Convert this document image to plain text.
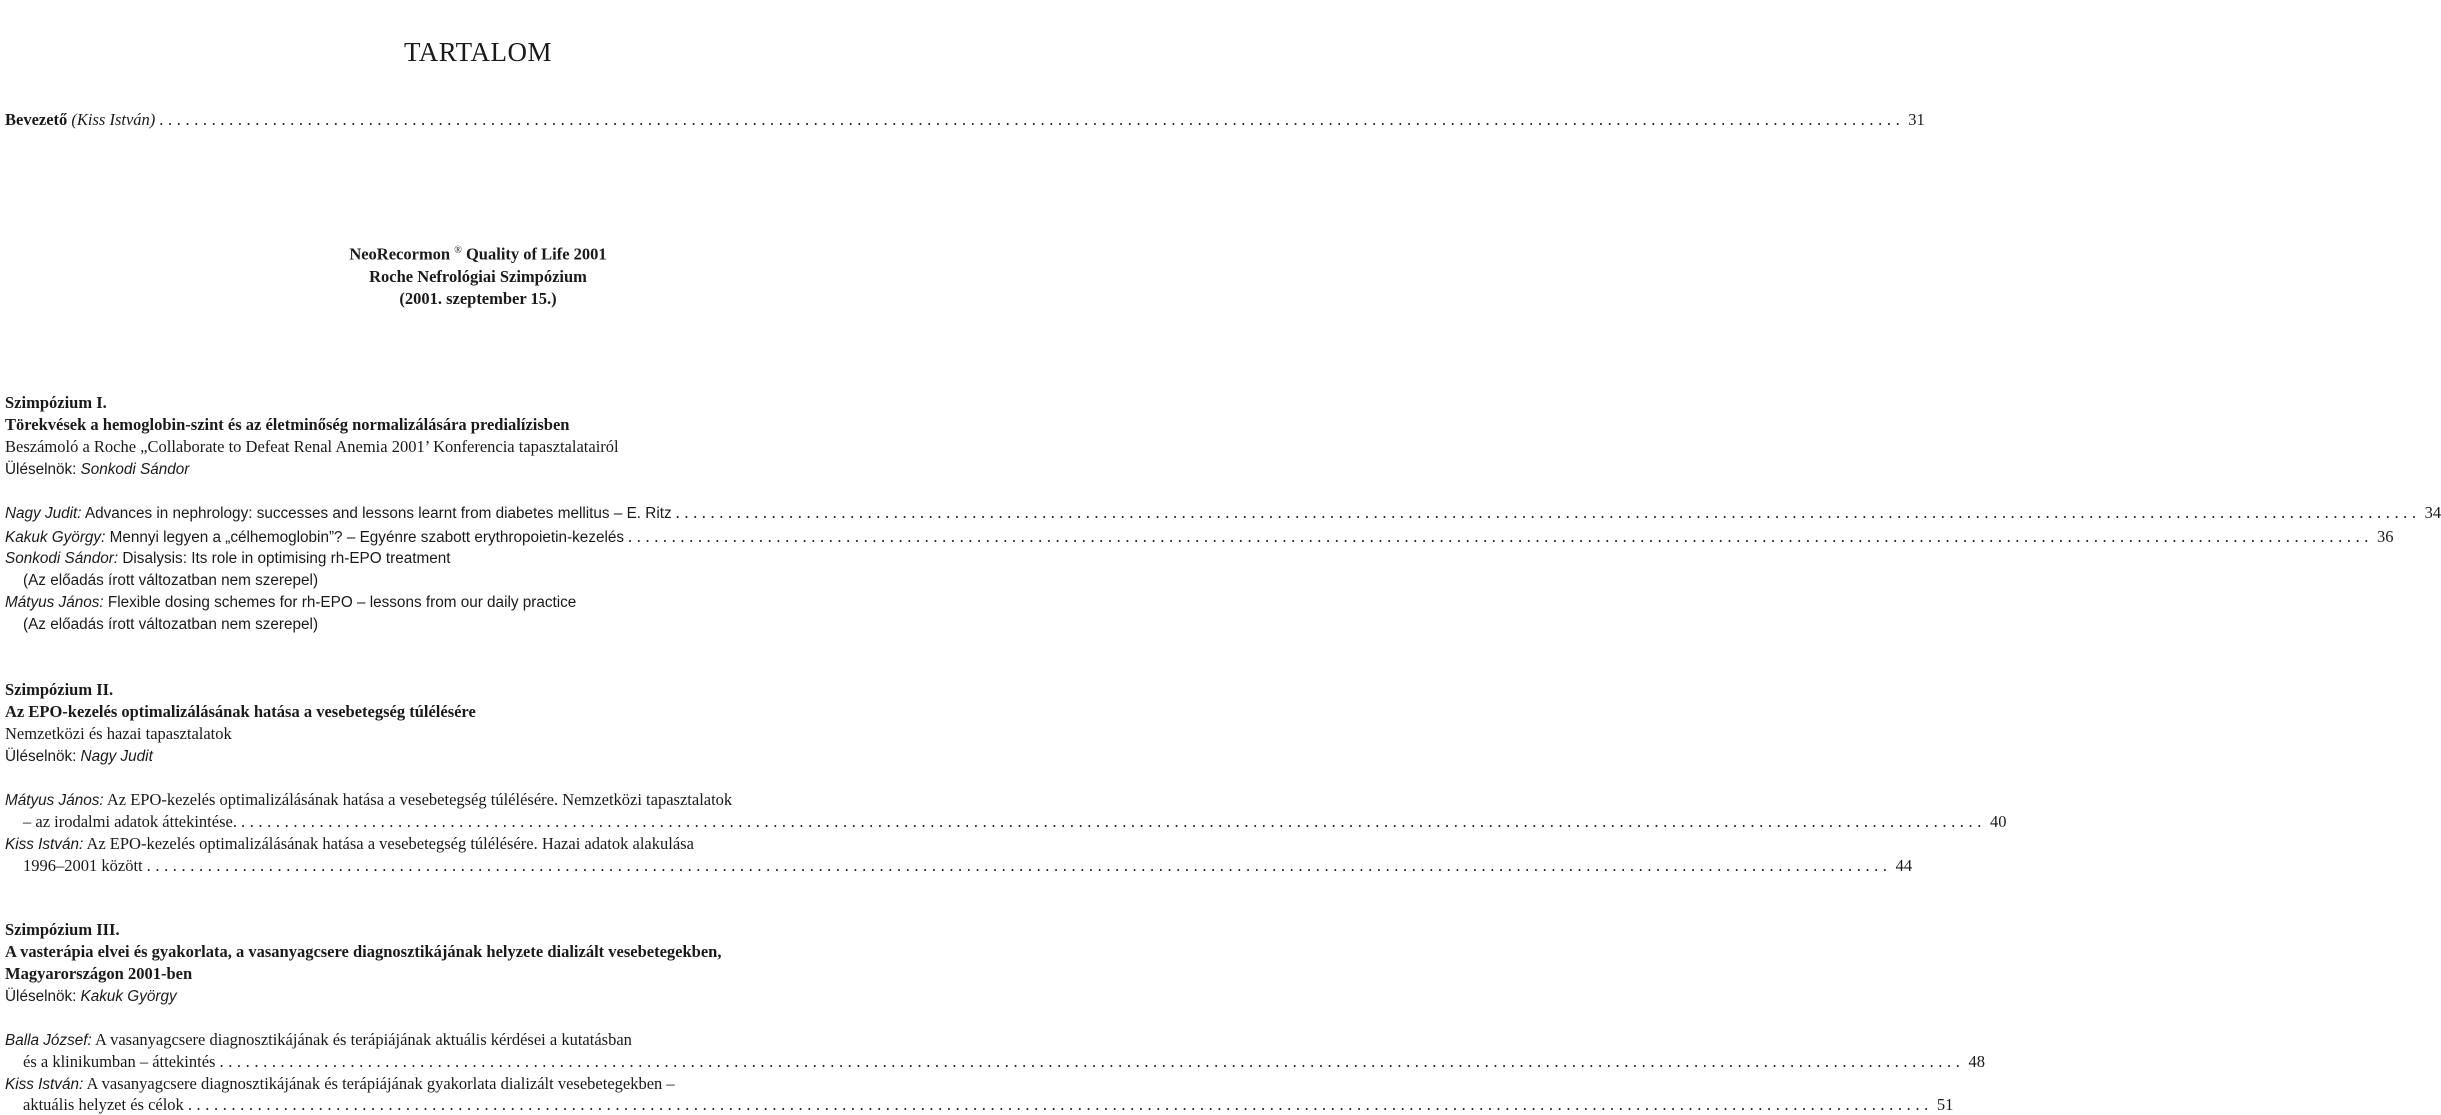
TARTALOM
Bevezető (Kiss István) ........................................................................................................................................................................................................ 31
NeoRecormon ® Quality of Life 2001
Roche Nefrológiai Szimpózium
(2001. szeptember 15.)
Szimpózium I.
Törekvések a hemoglobin-szint és az életminőség normalizálására predialízisben
Beszámoló a Roche „Collaborate to Defeat Renal Anemia 2001’ Konferencia tapasztalatairól
Üléselnök: Sonkodi Sándor
Nagy Judit: Advances in nephrology: successes and lessons learnt from diabetes mellitus – E. Ritz ........................................................................................................................................................................................................ 34
Kakuk György: Mennyi legyen a „célhemoglobin”? – Egyénre szabott erythropoietin-kezelés ........................................................................................................................................................................................................ 36
Sonkodi Sándor: Disalysis: Its role in optimising rh-EPO treatment
(Az előadás írott változatban nem szerepel)
Mátyus János: Flexible dosing schemes for rh-EPO – lessons from our daily practice
(Az előadás írott változatban nem szerepel)
Szimpózium II.
Az EPO-kezelés optimalizálásának hatása a vesebetegség túlélésére
Nemzetközi és hazai tapasztalatok
Üléselnök: Nagy Judit
Mátyus János: Az EPO-kezelés optimalizálásának hatása a vesebetegség túlélésére. Nemzetközi tapasztalatok
– az irodalmi adatok áttekintése. ........................................................................................................................................................................................................ 40
Kiss István: Az EPO-kezelés optimalizálásának hatása a vesebetegség túlélésére. Hazai adatok alakulása
1996–2001 között ........................................................................................................................................................................................................ 44
Szimpózium III.
A vasterápia elvei és gyakorlata, a vasanyagcsere diagnosztikájának helyzete dializált vesebetegekben,
Magyarországon 2001-ben
Üléselnök: Kakuk György
Balla József: A vasanyagcsere diagnosztikájának és terápiájának aktuális kérdései a kutatásban
és a klinikumban – áttekintés ........................................................................................................................................................................................................ 48
Kiss István: A vasanyagcsere diagnosztikájának és terápiájának gyakorlata dializált vesebetegekben –
aktuális helyzet és célok ........................................................................................................................................................................................................ 51
